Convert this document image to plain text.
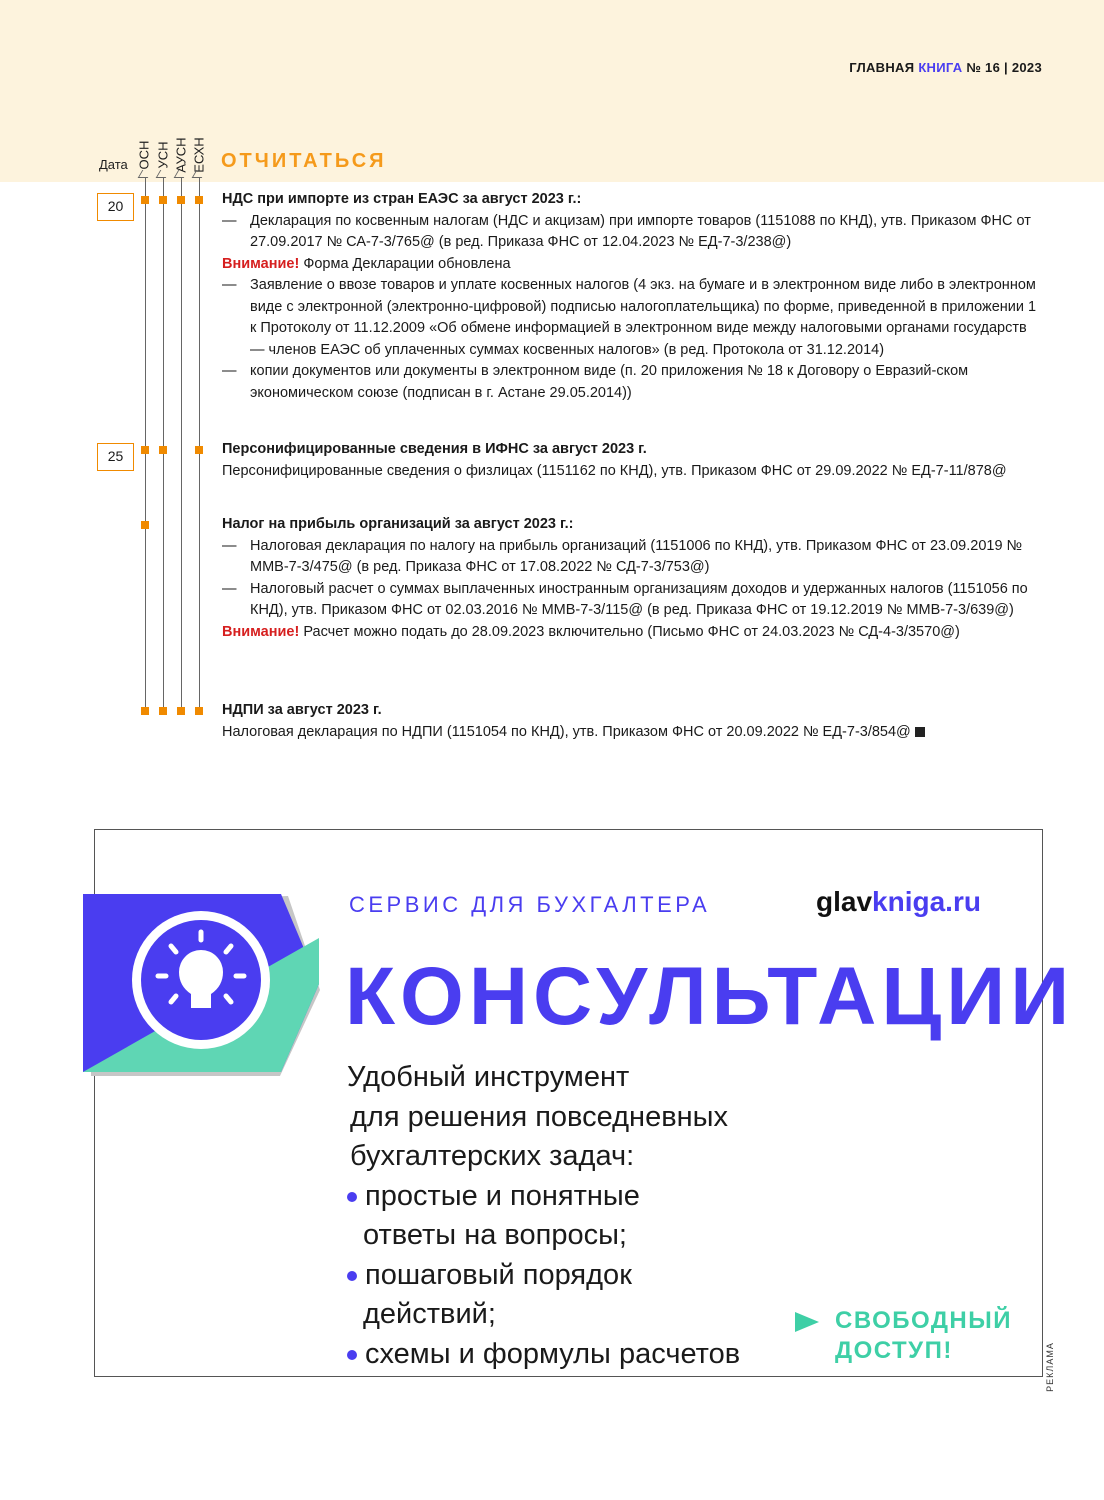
ГЛАВНАЯ КНИГА № 16 | 2023
Дата ОСН УСН АУСН ЕСХН ОТЧИТАТЬСЯ
20
25
НДС при импорте из стран ЕАЭС за август 2023 г.:
— Декларация по косвенным налогам (НДС и акцизам) при импорте товаров (1151088 по КНД), утв. Приказом ФНС от 27.09.2017 № СА-7-3/765@ (в ред. Приказа ФНС от 12.04.2023 № ЕД-7-3/238@)
Внимание! Форма Декларации обновлена
— Заявление о ввозе товаров и уплате косвенных налогов (4 экз. на бумаге и в электронном виде либо в электронном виде с электронной (электронно-цифровой) подписью налогоплательщика) по форме, приведенной в приложении 1 к Протоколу от 11.12.2009 «Об обмене информацией в электронном виде между налоговыми органами государств — членов ЕАЭС об уплаченных суммах косвенных налогов» (в ред. Протокола от 31.12.2014)
— копии документов или документы в электронном виде (п. 20 приложения № 18 к Договору о Евразий-ском экономическом союзе (подписан в г. Астане 29.05.2014))
Персонифицированные сведения в ИФНС за август 2023 г.
Персонифицированные сведения о физлицах (1151162 по КНД), утв. Приказом ФНС от 29.09.2022 № ЕД-7-11/878@
Налог на прибыль организаций за август 2023 г.:
— Налоговая декларация по налогу на прибыль организаций (1151006 по КНД), утв. Приказом ФНС от 23.09.2019 № ММВ-7-3/475@ (в ред. Приказа ФНС от 17.08.2022 № СД-7-3/753@)
— Налоговый расчет о суммах выплаченных иностранным организациям доходов и удержанных налогов (1151056 по КНД), утв. Приказом ФНС от 02.03.2016 № ММВ-7-3/115@ (в ред. Приказа ФНС от 19.12.2019 № ММВ-7-3/639@)
Внимание! Расчет можно подать до 28.09.2023 включительно (Письмо ФНС от 24.03.2023 № СД-4-3/3570@)
НДПИ за август 2023 г.
Налоговая декларация по НДПИ (1151054 по КНД), утв. Приказом ФНС от 20.09.2022 № ЕД-7-3/854@
СЕРВИС ДЛЯ БУХГАЛТЕРА	glavkniga.ru
КОНСУЛЬТАЦИИ
Удобный инструмент
для решения повседневных
бухгалтерских задач:
простые и понятные
ответы на вопросы;
пошаговый порядок
действий;
схемы и формулы расчетов
СВОБОДНЫЙ
ДОСТУП!	РЕКЛАМА
